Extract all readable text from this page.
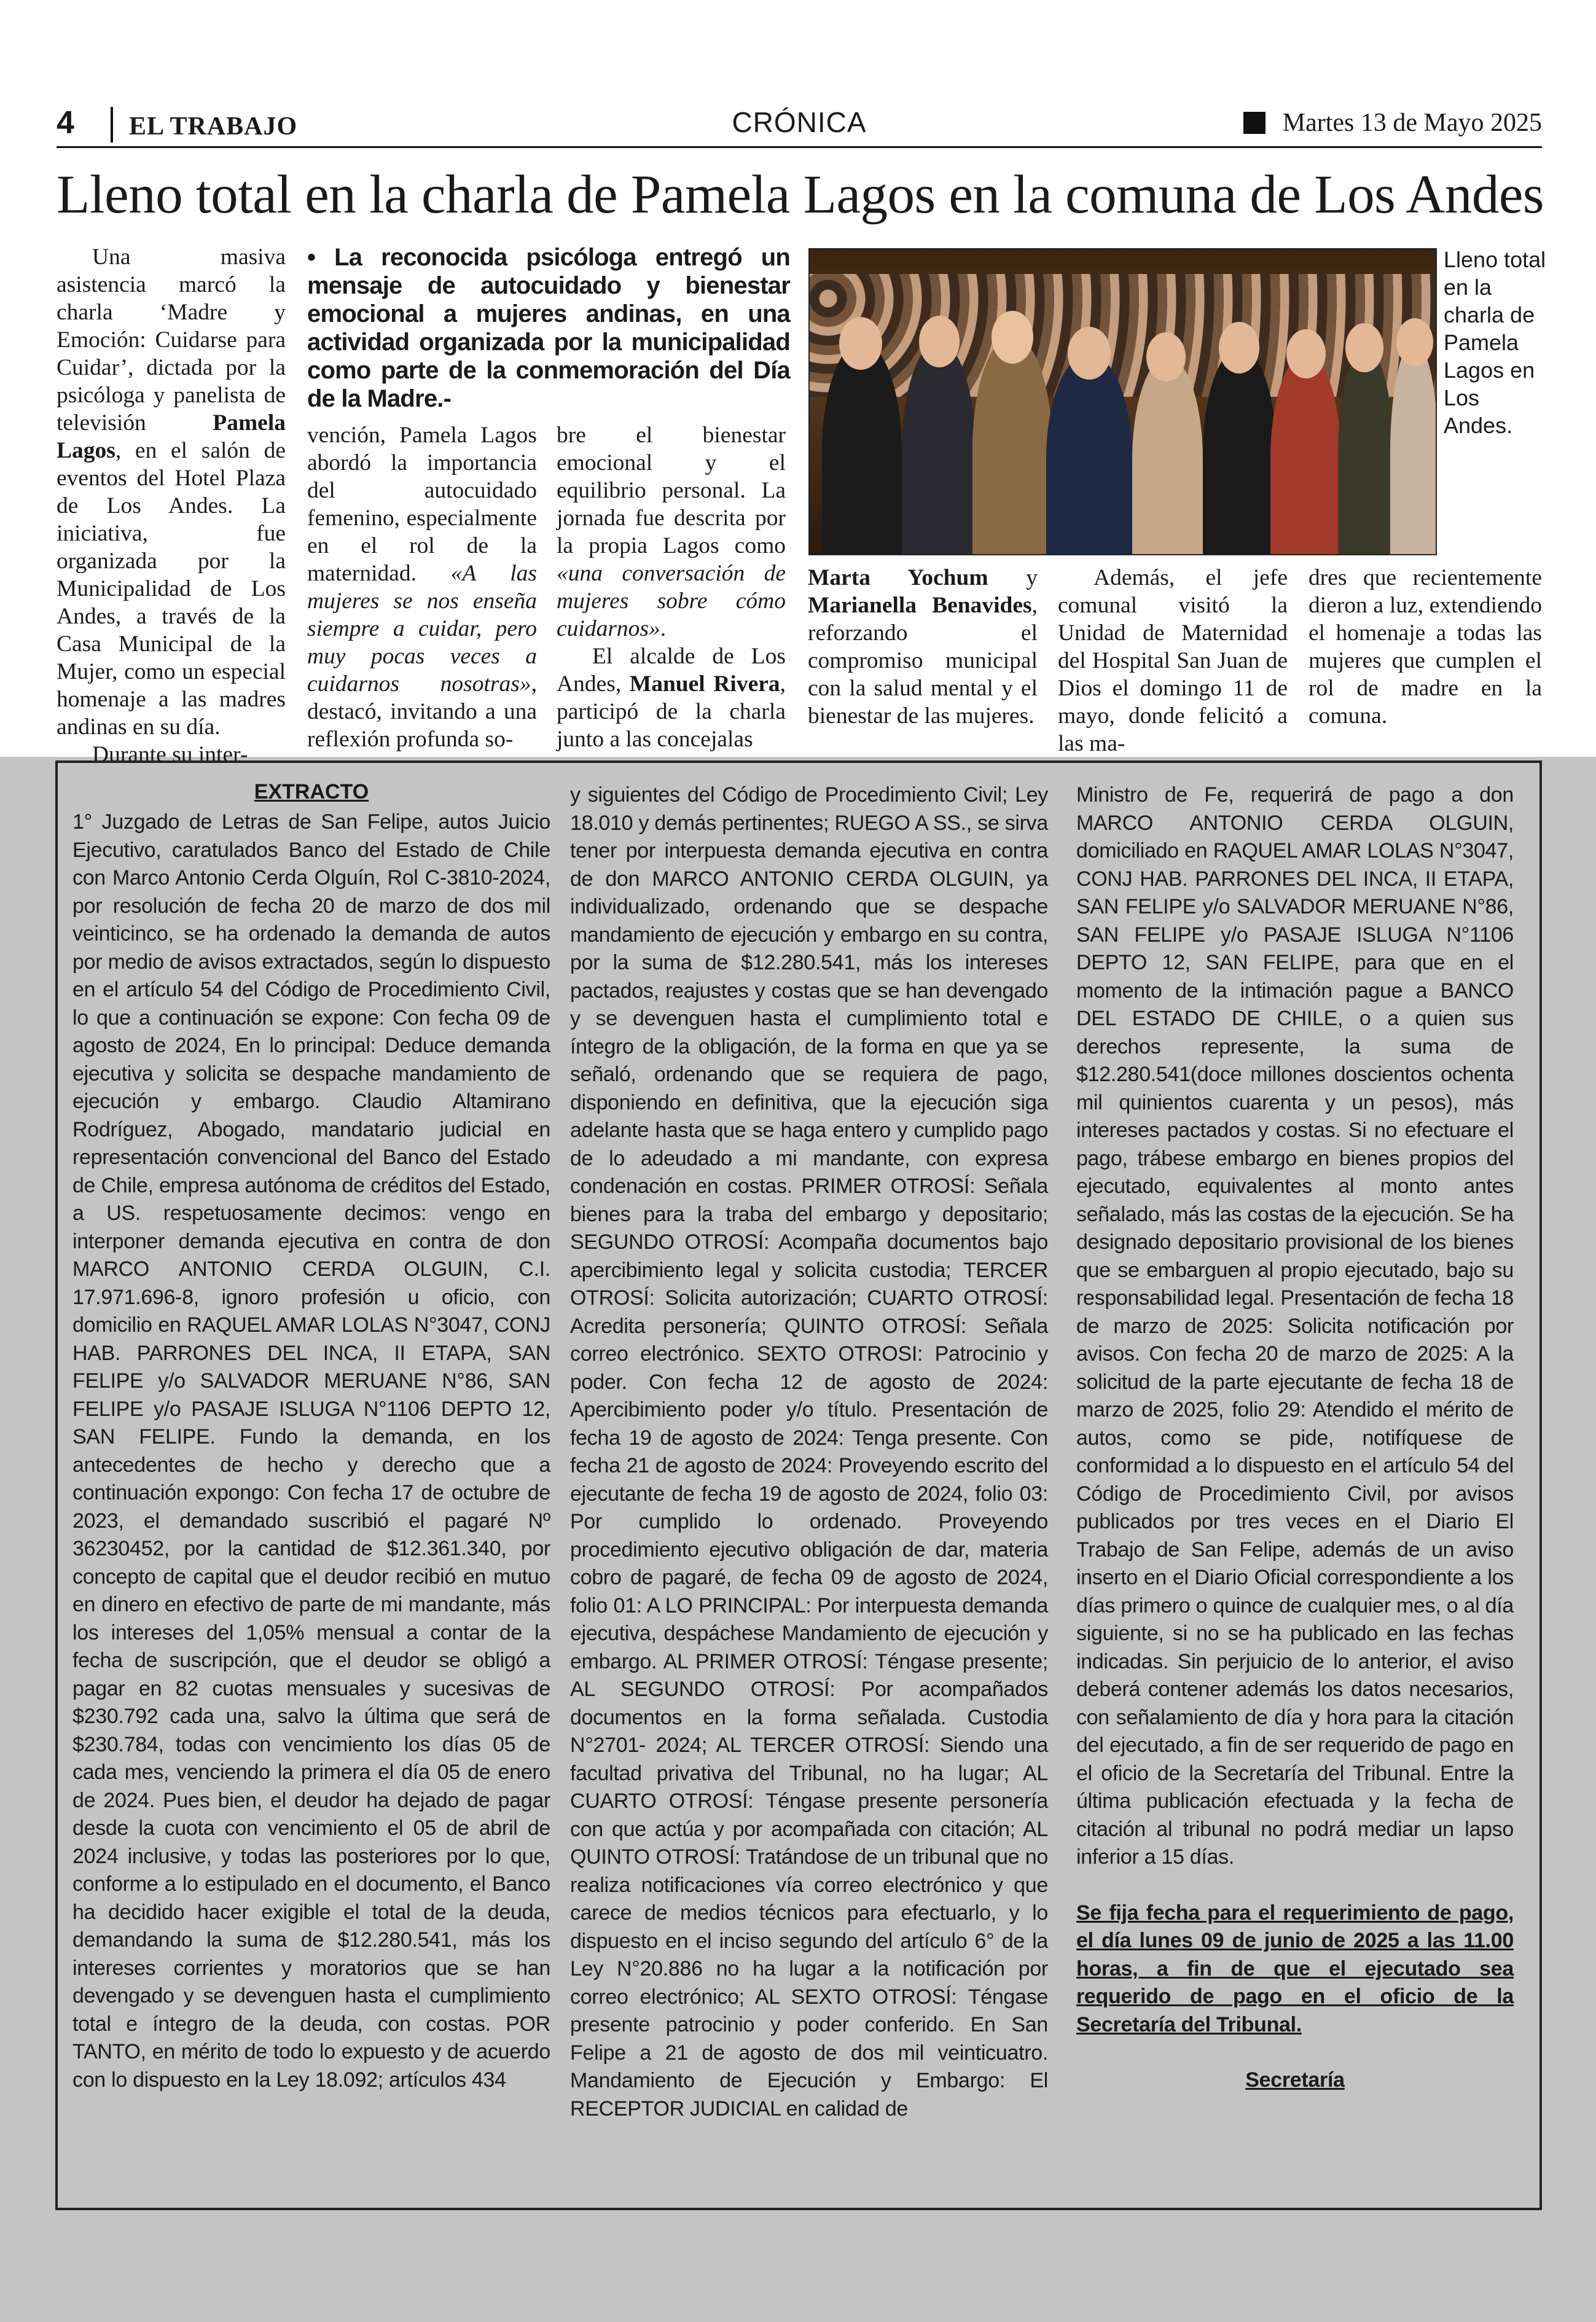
4 EL TRABAJO	CRÓNICA	Martes 13 de Mayo 2025
Lleno total en la charla de Pamela Lagos en la comuna de Los Andes

Una masiva asistencia marcó la charla ‘Madre y Emoción: Cuidarse para Cuidar’, dictada por la psicóloga y panelista de televisión Pamela Lagos, en el salón de eventos del Hotel Plaza de Los Andes. La iniciativa, fue organizada por la Municipalidad de Los Andes, a través de la Casa Municipal de la Mujer, como un especial homenaje a las madres andinas en su día.

Durante su inter-

• La reconocida psicóloga entregó un mensaje de autocuidado y bienestar emocional a mujeres andinas, en una actividad organizada por la municipalidad como parte de la conmemoración del Día de la Madre.-

vención, Pamela Lagos abordó la importancia del autocuidado femenino, especialmente en el rol de la maternidad. «A las mujeres se nos enseña siempre a cuidar, pero muy pocas veces a cuidarnos nosotras», destacó, invitando a una reflexión profunda so-

bre el bienestar emocional y el equilibrio personal. La jornada fue descrita por la propia Lagos como «una conversación de mujeres sobre cómo cuidarnos».

El alcalde de Los Andes, Manuel Rivera, participó de la charla junto a las concejalas

Lleno total en la charla de Pamela Lagos en Los Andes.

Marta Yochum y Marianella Benavides, reforzando el compromiso municipal con la salud mental y el bienestar de las mujeres.

Además, el jefe comunal visitó la Unidad de Maternidad del Hospital San Juan de Dios el domingo 11 de mayo, donde felicitó a las ma-

dres que recientemente dieron a luz, extendiendo el homenaje a todas las mujeres que cumplen el rol de madre en la comuna.

EXTRACTO

1° Juzgado de Letras de San Felipe, autos Juicio Ejecutivo, caratulados Banco del Estado de Chile con Marco Antonio Cerda Olguín, Rol C-3810-2024, por resolución de fecha 20 de marzo de dos mil veinticinco, se ha ordenado la demanda de autos por medio de avisos extractados, según lo dispuesto en el artículo 54 del Código de Procedimiento Civil, lo que a continuación se expone: Con fecha 09 de agosto de 2024, En lo principal: Deduce demanda ejecutiva y solicita se despache mandamiento de ejecución y embargo. Claudio Altamirano Rodríguez, Abogado, mandatario judicial en representación convencional del Banco del Estado de Chile, empresa autónoma de créditos del Estado, a US. respetuosamente decimos: vengo en interponer demanda ejecutiva en contra de don MARCO ANTONIO CERDA OLGUIN, C.I. 17.971.696-8, ignoro profesión u oficio, con domicilio en RAQUEL AMAR LOLAS N°3047, CONJ HAB. PARRONES DEL INCA, II ETAPA, SAN FELIPE y/o SALVADOR MERUANE N°86, SAN FELIPE y/o PASAJE ISLUGA N°1106 DEPTO 12, SAN FELIPE. Fundo la demanda, en los antecedentes de hecho y derecho que a continuación expongo: Con fecha 17 de octubre de 2023, el demandado suscribió el pagaré Nº 36230452, por la cantidad de $12.361.340, por concepto de capital que el deudor recibió en mutuo en dinero en efectivo de parte de mi mandante, más los intereses del 1,05% mensual a contar de la fecha de suscripción, que el deudor se obligó a pagar en 82 cuotas mensuales y sucesivas de $230.792 cada una, salvo la última que será de $230.784, todas con vencimiento los días 05 de cada mes, venciendo la primera el día 05 de enero de 2024. Pues bien, el deudor ha dejado de pagar desde la cuota con vencimiento el 05 de abril de 2024 inclusive, y todas las posteriores por lo que, conforme a lo estipulado en el documento, el Banco ha decidido hacer exigible el total de la deuda, demandando la suma de $12.280.541, más los intereses corrientes y moratorios que se han devengado y se devenguen hasta el cumplimiento total e íntegro de la deuda, con costas. POR TANTO, en mérito de todo lo expuesto y de acuerdo con lo dispuesto en la Ley 18.092; artículos 434

y siguientes del Código de Procedimiento Civil; Ley 18.010 y demás pertinentes; RUEGO A SS., se sirva tener por interpuesta demanda ejecutiva en contra de don MARCO ANTONIO CERDA OLGUIN, ya individualizado, ordenando que se despache mandamiento de ejecución y embargo en su contra, por la suma de $12.280.541, más los intereses pactados, reajustes y costas que se han devengado y se devenguen hasta el cumplimiento total e íntegro de la obligación, de la forma en que ya se señaló, ordenando que se requiera de pago, disponiendo en definitiva, que la ejecución siga adelante hasta que se haga entero y cumplido pago de lo adeudado a mi mandante, con expresa condenación en costas. PRIMER OTROSÍ: Señala bienes para la traba del embargo y depositario; SEGUNDO OTROSÍ: Acompaña documentos bajo apercibimiento legal y solicita custodia; TERCER OTROSÍ: Solicita autorización; CUARTO OTROSÍ: Acredita personería; QUINTO OTROSÍ: Señala correo electrónico. SEXTO OTROSI: Patrocinio y poder. Con fecha 12 de agosto de 2024: Apercibimiento poder y/o título. Presentación de fecha 19 de agosto de 2024: Tenga presente. Con fecha 21 de agosto de 2024: Proveyendo escrito del ejecutante de fecha 19 de agosto de 2024, folio 03: Por cumplido lo ordenado. Proveyendo procedimiento ejecutivo obligación de dar, materia cobro de pagaré, de fecha 09 de agosto de 2024, folio 01: A LO PRINCIPAL: Por interpuesta demanda ejecutiva, despáchese Mandamiento de ejecución y embargo. AL PRIMER OTROSÍ: Téngase presente; AL SEGUNDO OTROSÍ: Por acompañados documentos en la forma señalada. Custodia N°2701- 2024; AL TERCER OTROSÍ: Siendo una facultad privativa del Tribunal, no ha lugar; AL CUARTO OTROSÍ: Téngase presente personería con que actúa y por acompañada con citación; AL QUINTO OTROSÍ: Tratándose de un tribunal que no realiza notificaciones vía correo electrónico y que carece de medios técnicos para efectuarlo, y lo dispuesto en el inciso segundo del artículo 6° de la Ley N°20.886 no ha lugar a la notificación por correo electrónico; AL SEXTO OTROSÍ: Téngase presente patrocinio y poder conferido. En San Felipe a 21 de agosto de dos mil veinticuatro. Mandamiento de Ejecución y Embargo: El RECEPTOR JUDICIAL en calidad de

Ministro de Fe, requerirá de pago a don MARCO ANTONIO CERDA OLGUIN, domiciliado en RAQUEL AMAR LOLAS N°3047, CONJ HAB. PARRONES DEL INCA, II ETAPA, SAN FELIPE y/o SALVADOR MERUANE N°86, SAN FELIPE y/o PASAJE ISLUGA N°1106 DEPTO 12, SAN FELIPE, para que en el momento de la intimación pague a BANCO DEL ESTADO DE CHILE, o a quien sus derechos represente, la suma de $12.280.541(doce millones doscientos ochenta mil quinientos cuarenta y un pesos), más intereses pactados y costas. Si no efectuare el pago, trábese embargo en bienes propios del ejecutado, equivalentes al monto antes señalado, más las costas de la ejecución. Se ha designado depositario provisional de los bienes que se embarguen al propio ejecutado, bajo su responsabilidad legal. Presentación de fecha 18 de marzo de 2025: Solicita notificación por avisos. Con fecha 20 de marzo de 2025: A la solicitud de la parte ejecutante de fecha 18 de marzo de 2025, folio 29: Atendido el mérito de autos, como se pide, notifíquese de conformidad a lo dispuesto en el artículo 54 del Código de Procedimiento Civil, por avisos publicados por tres veces en el Diario El Trabajo de San Felipe, además de un aviso inserto en el Diario Oficial correspondiente a los días primero o quince de cualquier mes, o al día siguiente, si no se ha publicado en las fechas indicadas. Sin perjuicio de lo anterior, el aviso deberá contener además los datos necesarios, con señalamiento de día y hora para la citación del ejecutado, a fin de ser requerido de pago en el oficio de la Secretaría del Tribunal. Entre la última publicación efectuada y la fecha de citación al tribunal no podrá mediar un lapso inferior a 15 días.

Se fija fecha para el requerimiento de pago, el día lunes 09 de junio de 2025 a las 11.00 horas, a fin de que el ejecutado sea requerido de pago en el oficio de la Secretaría del Tribunal.

Secretaría
